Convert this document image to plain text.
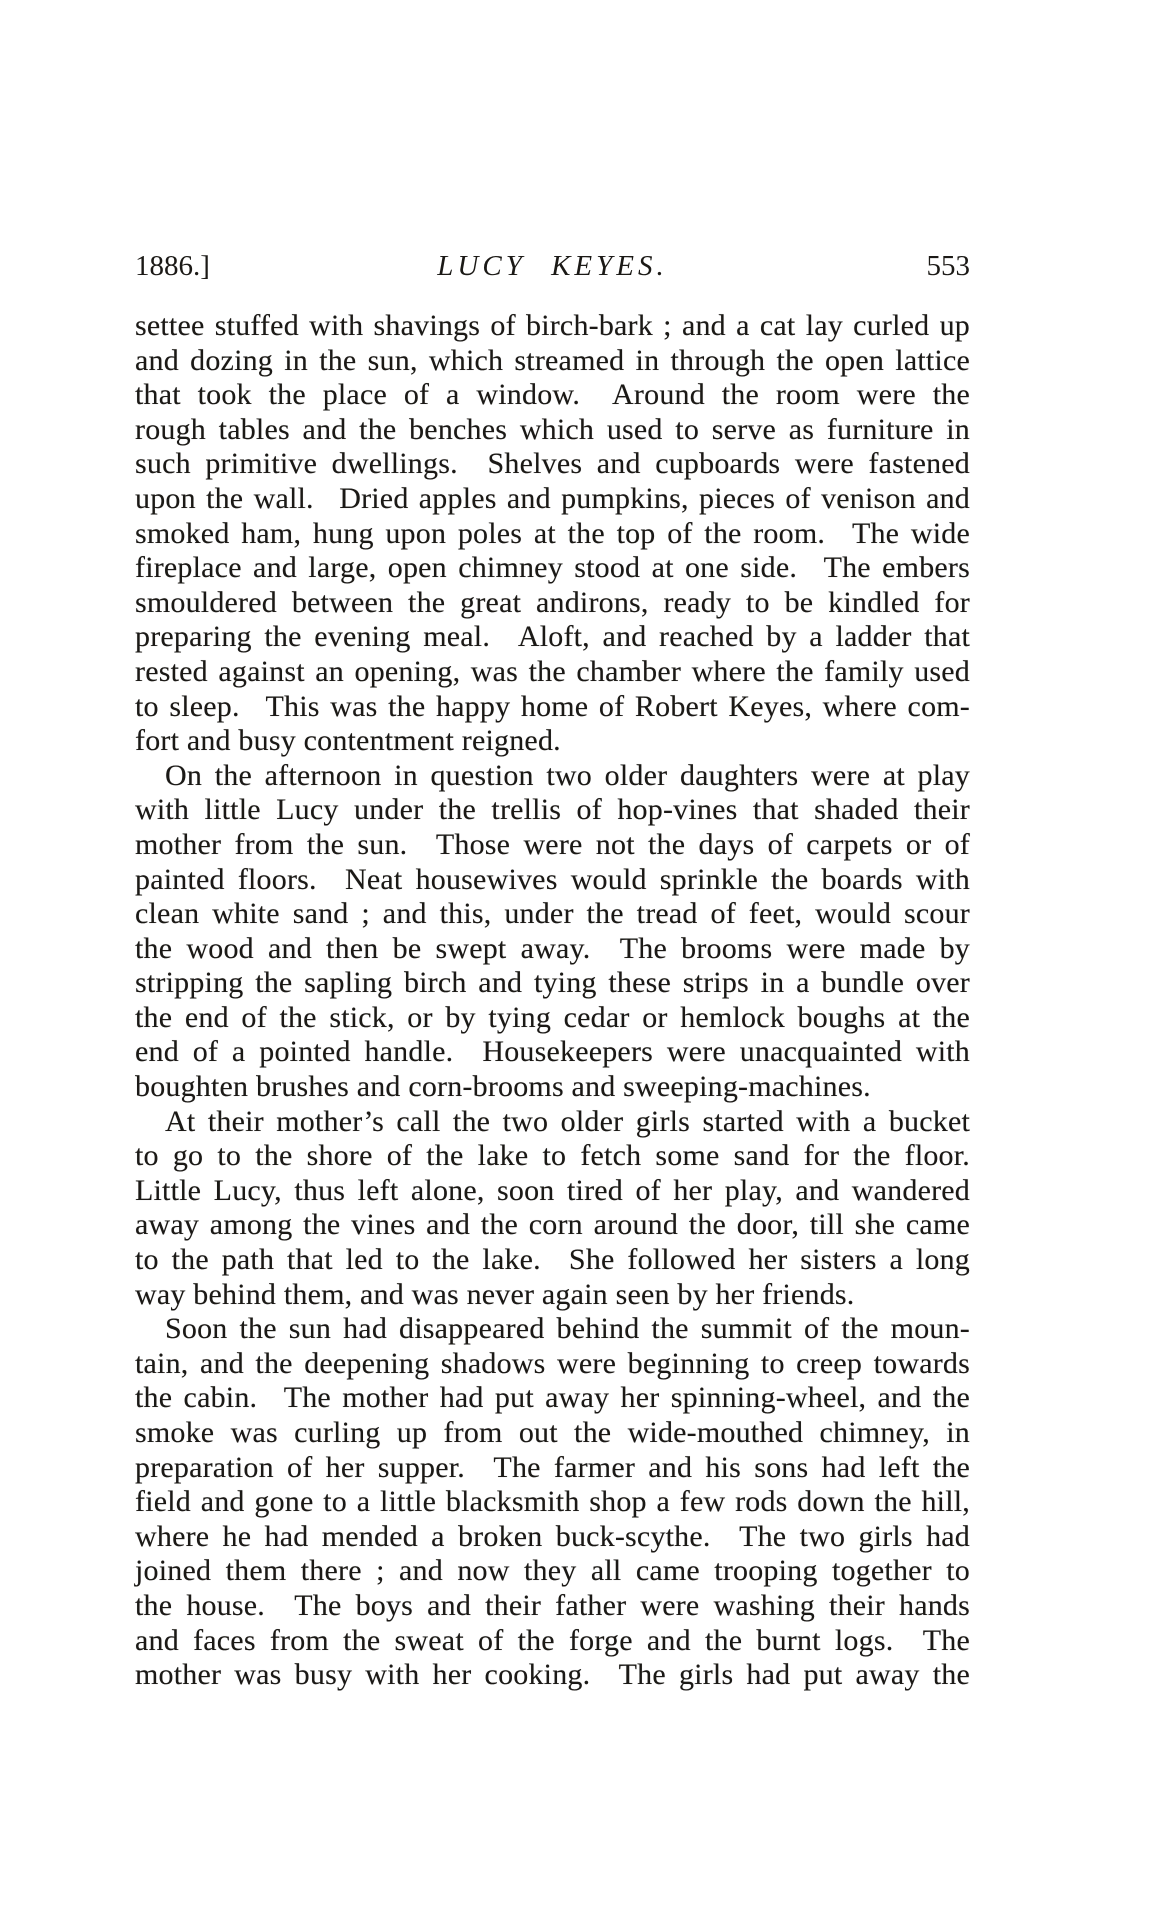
1886.]	LUCY KEYES.	553
settee stuffed with shavings of birch-bark ; and a cat lay curled up
and dozing in the sun, which streamed in through the open lattice
that took the place of a window.  Around the room were the
rough tables and the benches which used to serve as furniture in
such primitive dwellings.  Shelves and cupboards were fastened
upon the wall.  Dried apples and pumpkins, pieces of venison and
smoked ham, hung upon poles at the top of the room.  The wide
fireplace and large, open chimney stood at one side.  The embers
smouldered between the great andirons, ready to be kindled for
preparing the evening meal.  Aloft, and reached by a ladder that
rested against an opening, was the chamber where the family used
to sleep.  This was the happy home of Robert Keyes, where com-
fort and busy contentment reigned.
On the afternoon in question two older daughters were at play
with little Lucy under the trellis of hop-vines that shaded their
mother from the sun.  Those were not the days of carpets or of
painted floors.  Neat housewives would sprinkle the boards with
clean white sand ; and this, under the tread of feet, would scour
the wood and then be swept away.  The brooms were made by
stripping the sapling birch and tying these strips in a bundle over
the end of the stick, or by tying cedar or hemlock boughs at the
end of a pointed handle.  Housekeepers were unacquainted with
boughten brushes and corn-brooms and sweeping-machines.
At their mother’s call the two older girls started with a bucket
to go to the shore of the lake to fetch some sand for the floor.
Little Lucy, thus left alone, soon tired of her play, and wandered
away among the vines and the corn around the door, till she came
to the path that led to the lake.  She followed her sisters a long
way behind them, and was never again seen by her friends.
Soon the sun had disappeared behind the summit of the moun-
tain, and the deepening shadows were beginning to creep towards
the cabin.  The mother had put away her spinning-wheel, and the
smoke was curling up from out the wide-mouthed chimney, in
preparation of her supper.  The farmer and his sons had left the
field and gone to a little blacksmith shop a few rods down the hill,
where he had mended a broken buck-scythe.  The two girls had
joined them there ; and now they all came trooping together to
the house.  The boys and their father were washing their hands
and faces from the sweat of the forge and the burnt logs.  The
mother was busy with her cooking.  The girls had put away the
